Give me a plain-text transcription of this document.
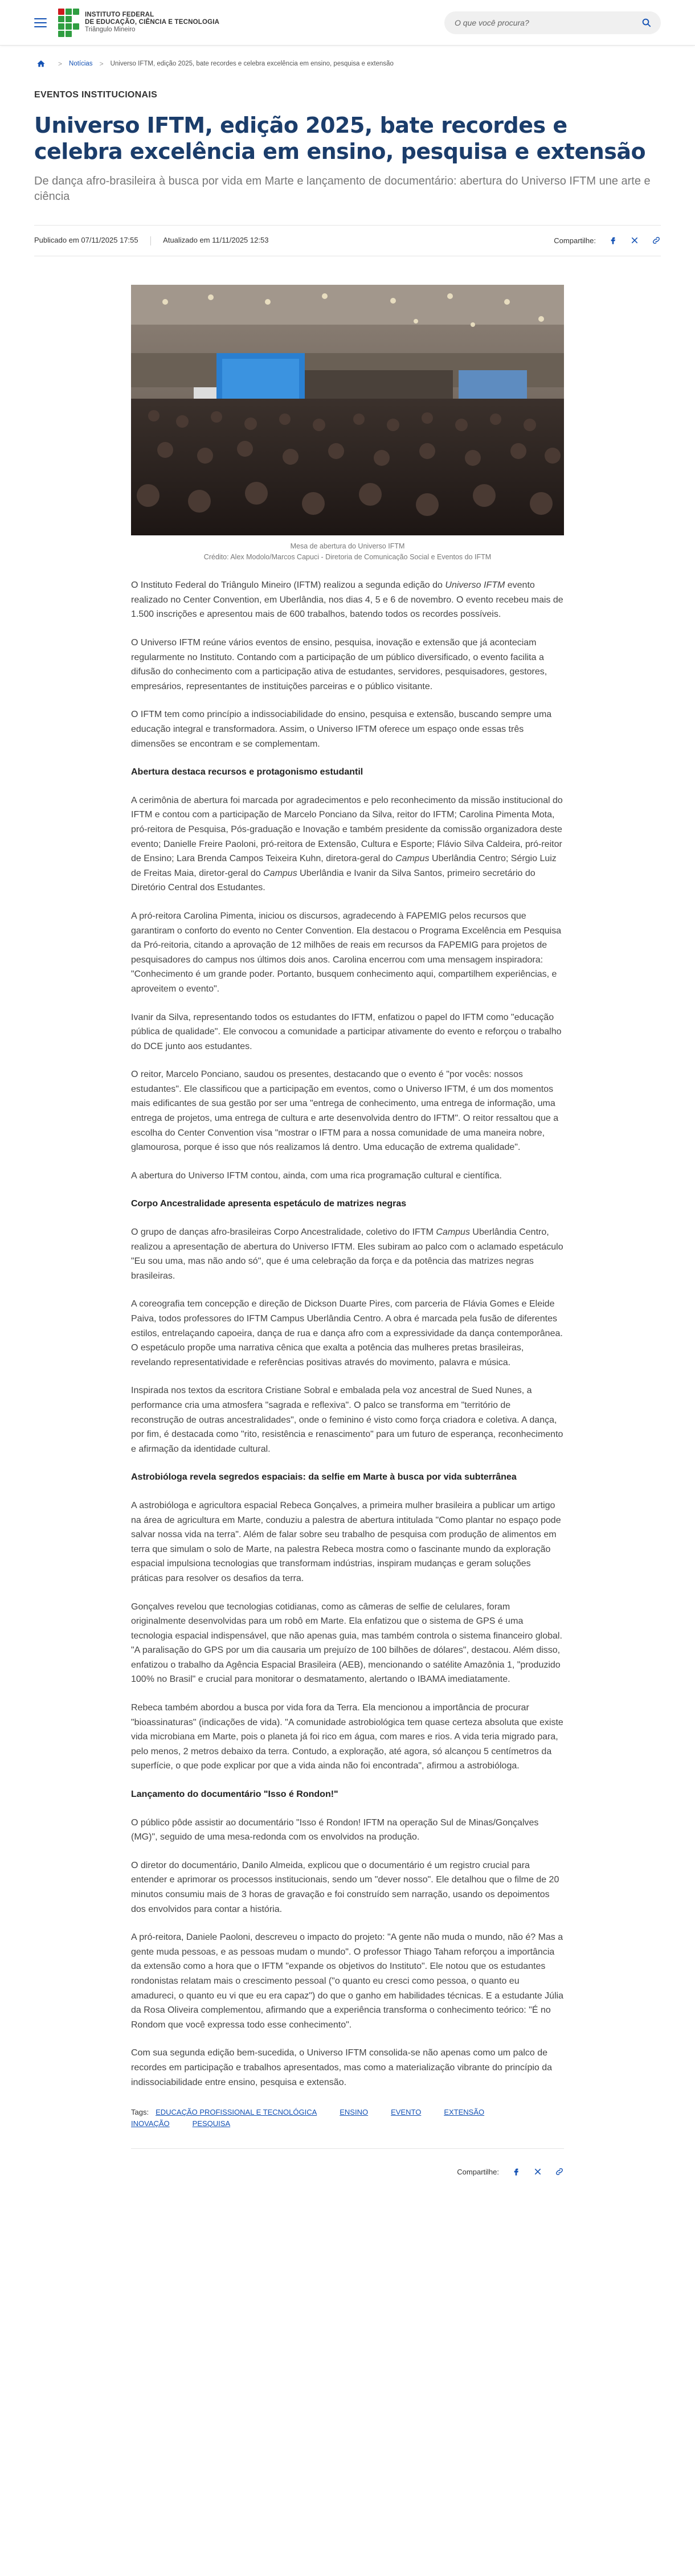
INSTITUTO FEDERAL
DE EDUCAÇÃO, CIÊNCIA E TECNOLOGIA
Triângulo Mineiro
O que você procura?
> Notícias > Universo IFTM, edição 2025, bate recordes e celebra excelência em ensino, pesquisa e extensão
EVENTOS INSTITUCIONAIS
Universo IFTM, edição 2025, bate recordes e celebra excelência em ensino, pesquisa e extensão

De dança afro-brasileira à busca por vida em Marte e lançamento de documentário: abertura do Universo IFTM une arte e ciência

Publicado em 07/11/2025 17:55	Atualizado em 11/11/2025 12:53	Compartilhe:
Mesa de abertura do Universo IFTM
Crédito: Alex Modolo/Marcos Capuci - Diretoria de Comunicação Social e Eventos do IFTM

O Instituto Federal do Triângulo Mineiro (IFTM) realizou a segunda edição do Universo IFTM evento realizado no Center Convention, em Uberlândia, nos dias 4, 5 e 6 de novembro. O evento recebeu mais de 1.500 inscrições e apresentou mais de 600 trabalhos, batendo todos os recordes possíveis.

O Universo IFTM reúne vários eventos de ensino, pesquisa, inovação e extensão que já aconteciam regularmente no Instituto. Contando com a participação de um público diversificado, o evento facilita a difusão do conhecimento com a participação ativa de estudantes, servidores, pesquisadores, gestores, empresários, representantes de instituições parceiras e o público visitante.

O IFTM tem como princípio a indissociabilidade do ensino, pesquisa e extensão, buscando sempre uma educação integral e transformadora. Assim, o Universo IFTM oferece um espaço onde essas três dimensões se encontram e se complementam.

Abertura destaca recursos e protagonismo estudantil

A cerimônia de abertura foi marcada por agradecimentos e pelo reconhecimento da missão institucional do IFTM e contou com a participação de Marcelo Ponciano da Silva, reitor do IFTM; Carolina Pimenta Mota, pró-reitora de Pesquisa, Pós-graduação e Inovação e também presidente da comissão organizadora deste evento; Danielle Freire Paoloni, pró-reitora de Extensão, Cultura e Esporte; Flávio Silva Caldeira, pró-reitor de Ensino; Lara Brenda Campos Teixeira Kuhn, diretora-geral do Campus Uberlândia Centro; Sérgio Luiz de Freitas Maia, diretor-geral do Campus Uberlândia e Ivanir da Silva Santos, primeiro secretário do Diretório Central dos Estudantes.

A pró-reitora Carolina Pimenta, iniciou os discursos, agradecendo à FAPEMIG pelos recursos que garantiram o conforto do evento no Center Convention. Ela destacou o Programa Excelência em Pesquisa da Pró-reitoria, citando a aprovação de 12 milhões de reais em recursos da FAPEMIG para projetos de pesquisadores do campus nos últimos dois anos. Carolina encerrou com uma mensagem inspiradora: "Conhecimento é um grande poder. Portanto, busquem conhecimento aqui, compartilhem experiências, e aproveitem o evento".

Ivanir da Silva, representando todos os estudantes do IFTM, enfatizou o papel do IFTM como "educação pública de qualidade". Ele convocou a comunidade a participar ativamente do evento e reforçou o trabalho do DCE junto aos estudantes.

O reitor, Marcelo Ponciano, saudou os presentes, destacando que o evento é "por vocês: nossos estudantes". Ele classificou que a participação em eventos, como o Universo IFTM, é um dos momentos mais edificantes de sua gestão por ser uma "entrega de conhecimento, uma entrega de informação, uma entrega de projetos, uma entrega de cultura e arte desenvolvida dentro do IFTM". O reitor ressaltou que a escolha do Center Convention visa "mostrar o IFTM para a nossa comunidade de uma maneira nobre, glamourosa, porque é isso que nós realizamos lá dentro. Uma educação de extrema qualidade".

A abertura do Universo IFTM contou, ainda, com uma rica programação cultural e científica.

Corpo Ancestralidade apresenta espetáculo de matrizes negras

O grupo de danças afro-brasileiras Corpo Ancestralidade, coletivo do IFTM Campus Uberlândia Centro, realizou a apresentação de abertura do Universo IFTM. Eles subiram ao palco com o aclamado espetáculo "Eu sou uma, mas não ando só", que é uma celebração da força e da potência das matrizes negras brasileiras.

A coreografia tem concepção e direção de Dickson Duarte Pires, com parceria de Flávia Gomes e Eleide Paiva, todos professores do IFTM Campus Uberlândia Centro. A obra é marcada pela fusão de diferentes estilos, entrelaçando capoeira, dança de rua e dança afro com a expressividade da dança contemporânea. O espetáculo propõe uma narrativa cênica que exalta a potência das mulheres pretas brasileiras, revelando representatividade e referências positivas através do movimento, palavra e música.

Inspirada nos textos da escritora Cristiane Sobral e embalada pela voz ancestral de Sued Nunes, a performance cria uma atmosfera "sagrada e reflexiva". O palco se transforma em "território de reconstrução de outras ancestralidades", onde o feminino é visto como força criadora e coletiva. A dança, por fim, é destacada como "rito, resistência e renascimento" para um futuro de esperança, reconhecimento e afirmação da identidade cultural.

Astrobióloga revela segredos espaciais: da selfie em Marte à busca por vida subterrânea

A astrobióloga e agricultora espacial Rebeca Gonçalves, a primeira mulher brasileira a publicar um artigo na área de agricultura em Marte, conduziu a palestra de abertura intitulada "Como plantar no espaço pode salvar nossa vida na terra". Além de falar sobre seu trabalho de pesquisa com produção de alimentos em terra que simulam o solo de Marte, na palestra Rebeca mostra como o fascinante mundo da exploração espacial impulsiona tecnologias que transformam indústrias, inspiram mudanças e geram soluções práticas para resolver os desafios da terra.

Gonçalves revelou que tecnologias cotidianas, como as câmeras de selfie de celulares, foram originalmente desenvolvidas para um robô em Marte. Ela enfatizou que o sistema de GPS é uma tecnologia espacial indispensável, que não apenas guia, mas também controla o sistema financeiro global. "A paralisação do GPS por um dia causaria um prejuízo de 100 bilhões de dólares", destacou. Além disso, enfatizou o trabalho da Agência Espacial Brasileira (AEB), mencionando o satélite Amazônia 1, "produzido 100% no Brasil" e crucial para monitorar o desmatamento, alertando o IBAMA imediatamente.

Rebeca também abordou a busca por vida fora da Terra. Ela mencionou a importância de procurar "bioassinaturas" (indicações de vida). "A comunidade astrobiológica tem quase certeza absoluta que existe vida microbiana em Marte, pois o planeta já foi rico em água, com mares e rios. A vida teria migrado para, pelo menos, 2 metros debaixo da terra. Contudo, a exploração, até agora, só alcançou 5 centímetros da superfície, o que pode explicar por que a vida ainda não foi encontrada", afirmou a astrobióloga.

Lançamento do documentário "Isso é Rondon!"

O público pôde assistir ao documentário "Isso é Rondon! IFTM na operação Sul de Minas/Gonçalves (MG)", seguido de uma mesa-redonda com os envolvidos na produção.

O diretor do documentário, Danilo Almeida, explicou que o documentário é um registro crucial para entender e aprimorar os processos institucionais, sendo um "dever nosso". Ele detalhou que o filme de 20 minutos consumiu mais de 3 horas de gravação e foi construído sem narração, usando os depoimentos dos envolvidos para contar a história.

A pró-reitora, Daniele Paoloni, descreveu o impacto do projeto: "A gente não muda o mundo, não é? Mas a gente muda pessoas, e as pessoas mudam o mundo". O professor Thiago Taham reforçou a importância da extensão como a hora que o IFTM "expande os objetivos do Instituto". Ele notou que os estudantes rondonistas relatam mais o crescimento pessoal ("o quanto eu cresci como pessoa, o quanto eu amadureci, o quanto eu vi que eu era capaz") do que o ganho em habilidades técnicas. E a estudante Júlia da Rosa Oliveira complementou, afirmando que a experiência transforma o conhecimento teórico: "É no Rondom que você expressa todo esse conhecimento".

Com sua segunda edição bem-sucedida, o Universo IFTM consolida-se não apenas como um palco de recordes em participação e trabalhos apresentados, mas como a materialização vibrante do princípio da indissociabilidade entre ensino, pesquisa e extensão.

Tags: EDUCAÇÃO PROFISSIONAL E TECNOLÓGICA	ENSINO	EVENTO	EXTENSÃO
INOVAÇÃO	PESQUISA
Compartilhe:
